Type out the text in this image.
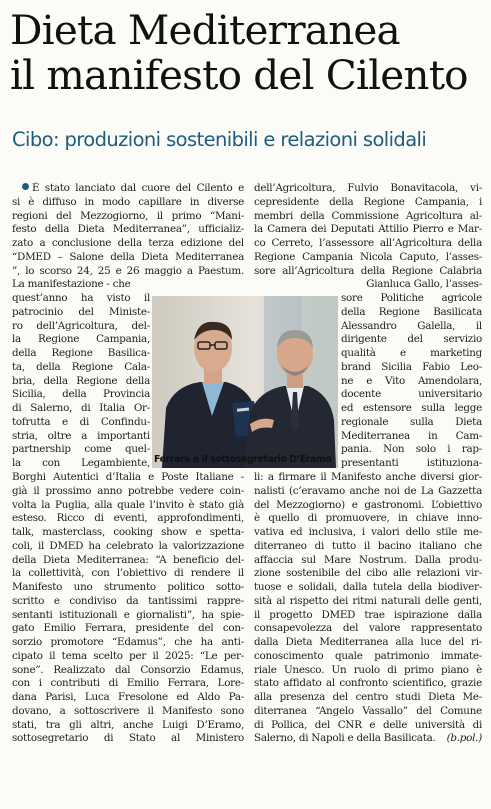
Dieta Mediterranea
il manifesto del Cilento
Cibo: produzioni sostenibili e relazioni solidali
È stato lanciato dal cuore del Cilento e
si è diffuso in modo capillare in diverse
regioni del Mezzogiorno, il primo “Mani-
festo della Dieta Mediterranea”, ufficializ-
zato a conclusione della terza edizione del
“DMED – Salone della Dieta Mediterranea
”, lo scorso 24, 25 e 26 maggio a Paestum.
La manifestazione - che
quest’anno ha visto il
patrocinio del Ministe-
ro dell’Agricoltura, del-
la Regione Campania,
della Regione Basilica-
ta, della Regione Cala-
bria, della Regione della
Sicilia, della Provincia
di Salerno, di Italia Or-
tofrutta e di Confindu-
stria, oltre a importanti
partnership come quel-
la con Legambiente,
Borghi Autentici d’Italia e Poste Italiane -
già il prossimo anno potrebbe vedere coin-
volta la Puglia, alla quale l’invito è stato già
esteso. Ricco di eventi, approfondimenti,
talk, masterclass, cooking show e spetta-
coli, il DMED ha celebrato la valorizzazione
della Dieta Mediterranea: “A beneficio del-
la collettività, con l’obiettivo di rendere il
Manifesto uno strumento politico sotto-
scritto e condiviso da tantissimi rappre-
sentanti istituzionali e giornalisti”, ha spie-
gato Emilio Ferrara, presidente del con-
sorzio promotore “Edamus”, che ha anti-
cipato il tema scelto per il 2025: “Le per-
sone”. Realizzato dal Consorzio Edamus,
con i contributi di Emilio Ferrara, Lore-
dana Parisi, Luca Fresolone ed Aldo Pa-
dovano, a sottoscrivere il Manifesto sono
stati, tra gli altri, anche Luigi D’Eramo,
sottosegretario di Stato al Ministero
dell’Agricoltura, Fulvio Bonavitacola, vi-
cepresidente della Regione Campania, i
membri della Commissione Agricoltura al-
la Camera dei Deputati Attilio Pierro e Mar-
co Cerreto, l’assessore all’Agricoltura della
Regione Campania Nicola Caputo, l’asses-
sore all’Agricoltura della Regione Calabria
Gianluca Gallo, l’asses-
sore Politiche agricole
della Regione Basilicata
Alessandro Galella, il
dirigente del servizio
qualità e marketing
brand Sicilia Fabio Leo-
ne e Vito Amendolara,
docente universitario
ed estensore sulla legge
regionale sulla Dieta
Mediterranea in Cam-
pania. Non solo i rap-
presentanti istituziona-
li: a firmare il Manifesto anche diversi gior-
nalisti (c’eravamo anche noi de La Gazzetta
del Mezzogiorno) e gastronomi. L’obiettivo
è quello di promuovere, in chiave inno-
vativa ed inclusiva, i valori dello stile me-
diterraneo di tutto il bacino italiano che
affaccia sul Mare Nostrum. Dalla produ-
zione sostenibile del cibo alle relazioni vir-
tuose e solidali, dalla tutela della biodiver-
sità al rispetto dei ritmi naturali delle genti,
il progetto DMED trae ispirazione dalla
consapevolezza del valore rappresentato
dalla Dieta Mediterranea alla luce del ri-
conoscimento quale patrimonio immate-
riale Unesco. Un ruolo di primo piano è
stato affidato al confronto scientifico, grazie
alla presenza del centro studi Dieta Me-
diterranea “Angelo Vassallo” del Comune
di Pollica, del CNR e delle università di
Salerno, di Napoli e della Basilicata. (b.pol.)
Ferrara e il sottosegretario D’Eramo
